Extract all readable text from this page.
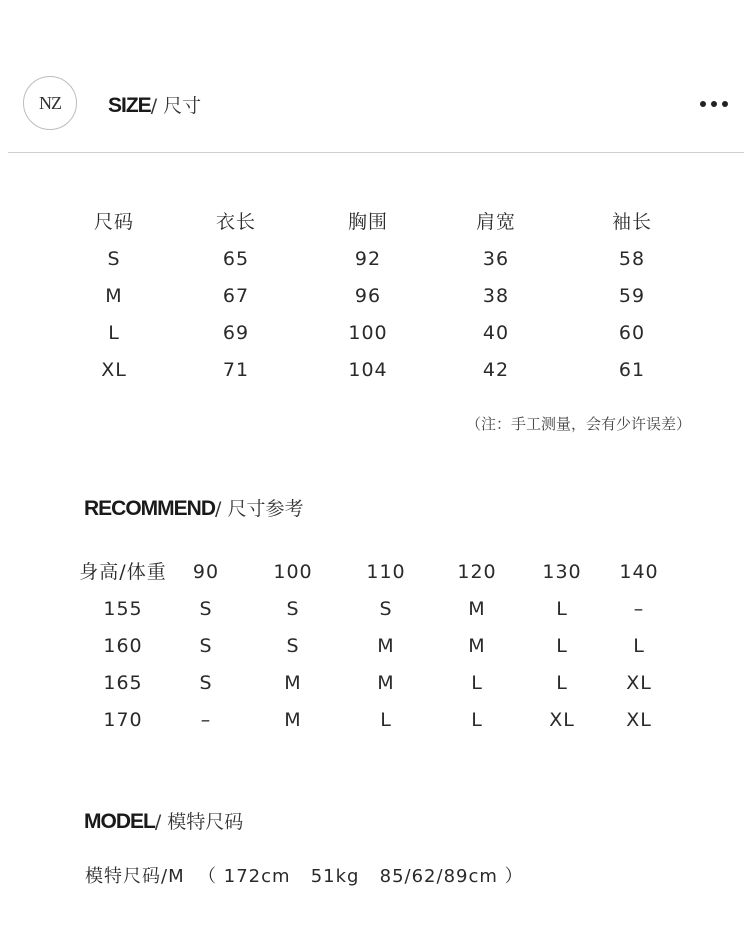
NZ	SIZE/ 尺寸
尺码	衣长	胸围	肩宽	袖长
S	65	92	36	58
M	67	96	38	59
L	69	100	40	60
XL	71	104	42	61
（注：手工测量，会有少许误差）
RECOMMEND/ 尺寸参考
身高/体重 90	100	110	120 130 140
155	S	S	S	M	L	–
160	S	S	M	M	L	L
165	S	M	M	L	L	XL
170	–	M	L	L	XL	XL
MODEL/ 模特尺码
模特尺码/M  （ 172cm   51kg   85/62/89cm ）
